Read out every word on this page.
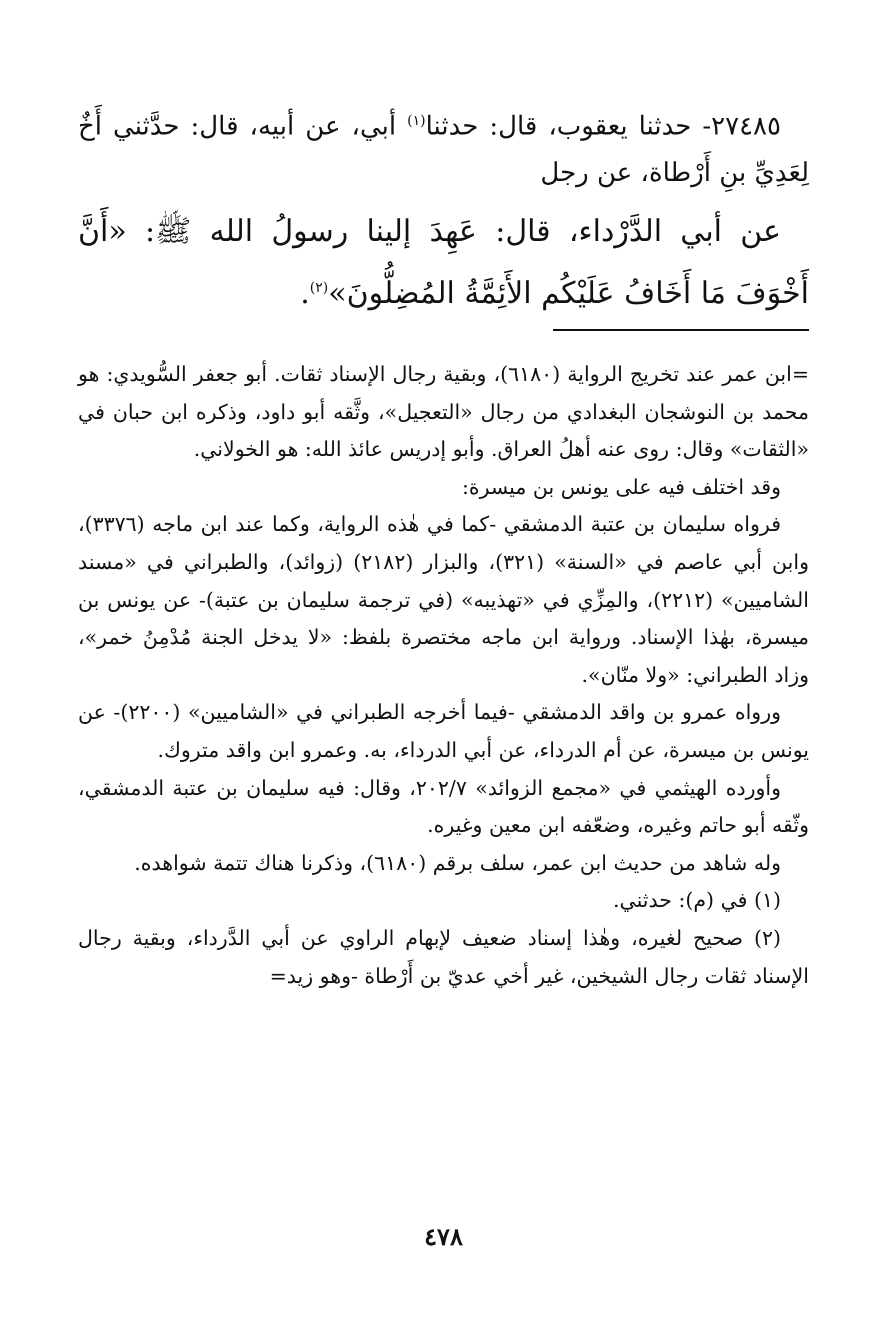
٢٧٤٨٥- حدثنا يعقوب، قال: حدثنا$^{(١)}$ أبي، عن أبيه، قال: حدَّثني أَخٌ لِعَدِيِّ بنِ أَرْطاة، عن رجل

عن أبي الدَّرْداء، قال: عَهِدَ إلينا رسولُ الله ﷺ: «أَنَّ أَخْوَفَ مَا أَخَافُ عَلَيْكُم الأَئِمَّةُ المُضِلُّونَ»$^{(٢)}$.

=ابن عمر عند تخريج الرواية (٦١٨٠)، وبقية رجال الإسناد ثقات. أبو جعفر السُّويدي: هو محمد بن النوشجان البغدادي من رجال «التعجيل»، وثَّقه أبو داود، وذكره ابن حبان في «الثقات» وقال: روى عنه أهلُ العراق. وأبو إدريس عائذ الله: هو الخولاني.

وقد اختلف فيه على يونس بن ميسرة:

فرواه سليمان بن عتبة الدمشقي -كما في هٰذه الرواية، وكما عند ابن ماجه (٣٣٧٦)، وابن أبي عاصم في «السنة» (٣٢١)، والبزار (٢١٨٢) (زوائد)، والطبراني في «مسند الشاميين» (٢٢١٢)، والمِزِّي في «تهذيبه» (في ترجمة سليمان بن عتبة)- عن يونس بن ميسرة، بهٰذا الإسناد. ورواية ابن ماجه مختصرة بلفظ: «لا يدخل الجنة مُدْمِنُ خمر»، وزاد الطبراني: «ولا منّان».

ورواه عمرو بن واقد الدمشقي -فيما أخرجه الطبراني في «الشاميين» (٢٢٠٠)- عن يونس بن ميسرة، عن أم الدرداء، عن أبي الدرداء، به. وعمرو ابن واقد متروك.

وأورده الهيثمي في «مجمع الزوائد» ٢٠٢/٧، وقال: فيه سليمان بن عتبة الدمشقي، وثّقه أبو حاتم وغيره، وضعّفه ابن معين وغيره.

وله شاهد من حديث ابن عمر، سلف برقم (٦١٨٠)، وذكرنا هناك تتمة شواهده.

(١) في (م): حدثني.

(٢) صحيح لغيره، وهٰذا إسناد ضعيف لإبهام الراوي عن أبي الدَّرداء، وبقية رجال الإسناد ثقات رجال الشيخين، غير أخي عديّ بن أَرْطاة -وهو زيد=

٤٧٨
